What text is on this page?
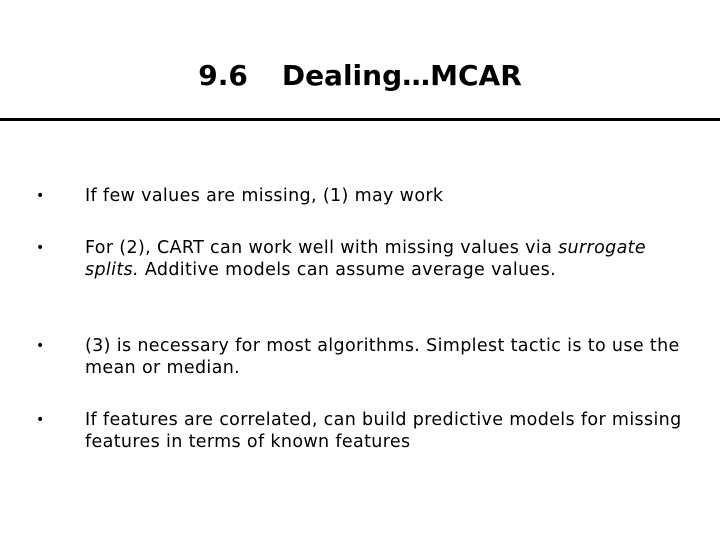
9.6 Dealing…MCAR
• If few values are missing, (1) may work
• For (2), CART can work well with missing values via surrogate splits. Additive models can assume average values.
• (3) is necessary for most algorithms. Simplest tactic is to use the mean or median.
• If features are correlated, can build predictive models for missing features in terms of known features
